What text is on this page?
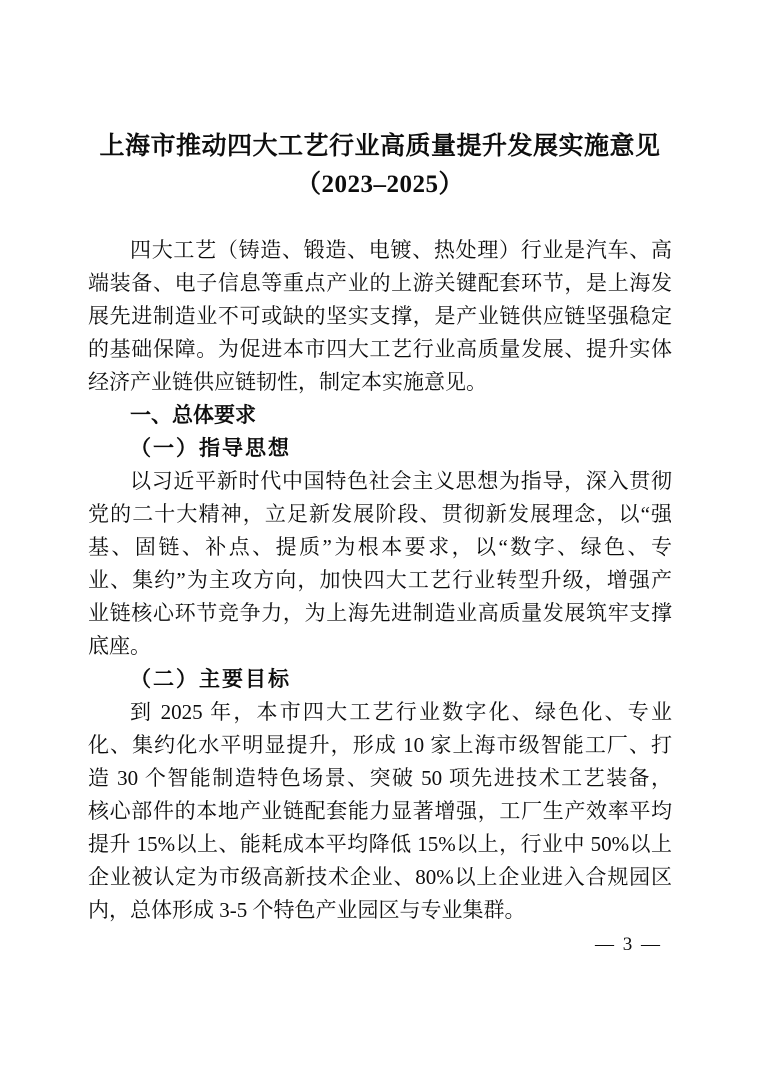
上海市推动四大工艺行业高质量提升发展实施意见
（2023–2025）
四大工艺（铸造、锻造、电镀、热处理）行业是汽车、高
端装备、电子信息等重点产业的上游关键配套环节，是上海发
展先进制造业不可或缺的坚实支撑，是产业链供应链坚强稳定
的基础保障。为促进本市四大工艺行业高质量发展、提升实体
经济产业链供应链韧性，制定本实施意见。
一、总体要求
（一）指导思想
以习近平新时代中国特色社会主义思想为指导，深入贯彻
党的二十大精神，立足新发展阶段、贯彻新发展理念，以“强
基、固链、补点、提质”为根本要求，以“数字、绿色、专
业、集约”为主攻方向，加快四大工艺行业转型升级，增强产
业链核心环节竞争力，为上海先进制造业高质量发展筑牢支撑
底座。
（二）主要目标
到 2025 年，本市四大工艺行业数字化、绿色化、专业
化、集约化水平明显提升，形成 10 家上海市级智能工厂、打
造 30 个智能制造特色场景、突破 50 项先进技术工艺装备，
核心部件的本地产业链配套能力显著增强，工厂生产效率平均
提升 15%以上、能耗成本平均降低 15%以上，行业中 50%以上
企业被认定为市级高新技术企业、80%以上企业进入合规园区
内，总体形成 3-5 个特色产业园区与专业集群。
— 3 —
